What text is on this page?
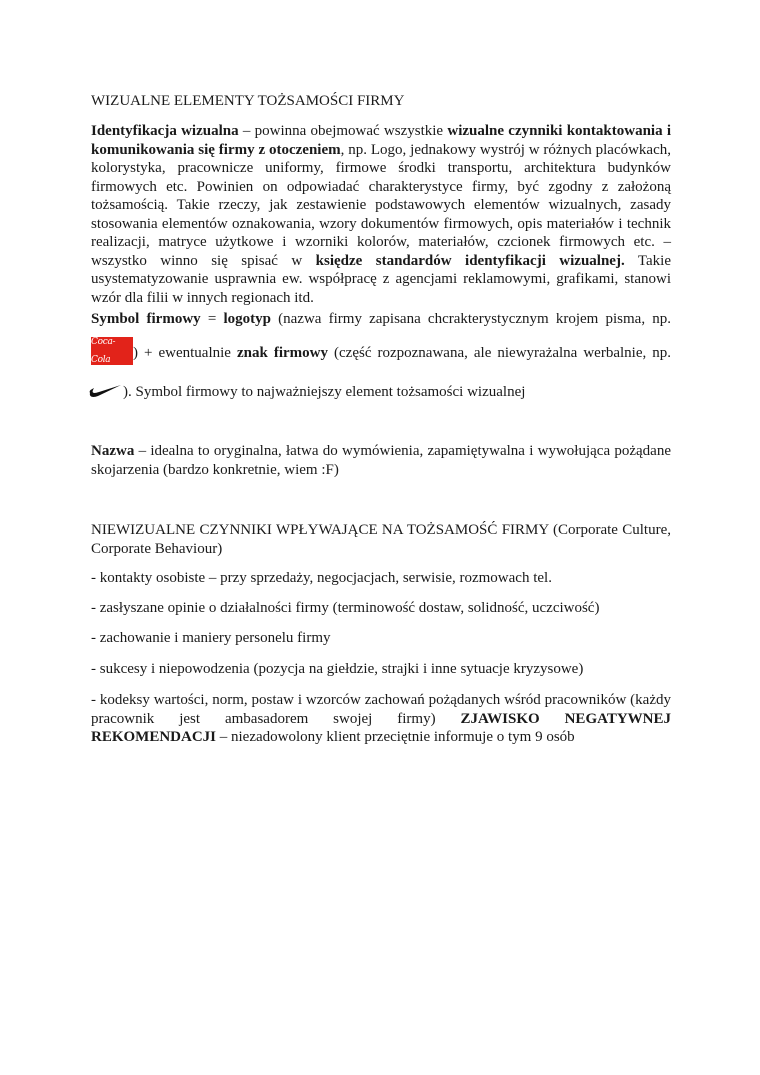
WIZUALNE ELEMENTY TOŻSAMOŚCI FIRMY

Identyfikacja wizualna – powinna obejmować wszystkie wizualne czynniki kontaktowania i komunikowania się firmy z otoczeniem, np. Logo, jednakowy wystrój w różnych placówkach, kolorystyka, pracownicze uniformy, firmowe środki transportu, architektura budynków firmowych etc. Powinien on odpowiadać charakterystyce firmy, być zgodny z założoną tożsamością. Takie rzeczy, jak zestawienie podstawowych elementów wizualnych, zasady stosowania elementów oznakowania, wzory dokumentów firmowych, opis materiałów i technik realizacji, matryce użytkowe i wzorniki kolorów, materiałów, czcionek firmowych etc. – wszystko winno się spisać w księdze standardów identyfikacji wizualnej. Takie usystematyzowanie usprawnia ew. współpracę z agencjami reklamowymi, grafikami, stanowi wzór dla filii w innych regionach itd.

Symbol firmowy = logotyp (nazwa firmy zapisana chcrakterystycznym krojem pisma, np.
Coca-Cola	) + ewentualnie znak firmowy (część rozpoznawana, ale niewyrażalna werbalnie, np.
). Symbol firmowy to najważniejszy element tożsamości wizualnej

Nazwa – idealna to oryginalna, łatwa do wymówienia, zapamiętywalna i wywołująca pożądane skojarzenia (bardzo konkretnie, wiem :F)

NIEWIZUALNE CZYNNIKI WPŁYWAJĄCE NA TOŻSAMOŚĆ FIRMY (Corporate Culture, Corporate Behaviour)

- kontakty osobiste – przy sprzedaży, negocjacjach, serwisie, rozmowach tel.

- zasłyszane opinie o działalności firmy (terminowość dostaw, solidność, uczciwość)

- zachowanie i maniery personelu firmy

- sukcesy i niepowodzenia (pozycja na giełdzie, strajki i inne sytuacje kryzysowe)

- kodeksy wartości, norm, postaw i wzorców zachowań pożądanych wśród pracowników (każdy pracownik jest ambasadorem swojej firmy) ZJAWISKO NEGATYWNEJ REKOMENDACJI – niezadowolony klient przeciętnie informuje o tym 9 osób
